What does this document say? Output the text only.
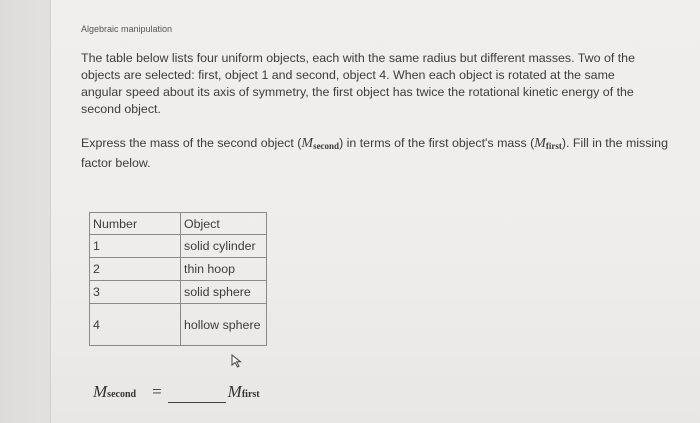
Algebraic manipulation
The table below lists four uniform objects, each with the same radius but different masses. Two of the objects are selected: first, object 1 and second, object 4. When each object is rotated at the same angular speed about its axis of symmetry, the first object has twice the rotational kinetic energy of the second object.
Express the mass of the second object $(M_{second})$ in terms of the first object's mass $(M_{first})$. Fill in the missing factor below.
Number	Object
1	solid cylinder
2	thin hoop
3	solid sphere
4	hollow sphere
M second =	M first
